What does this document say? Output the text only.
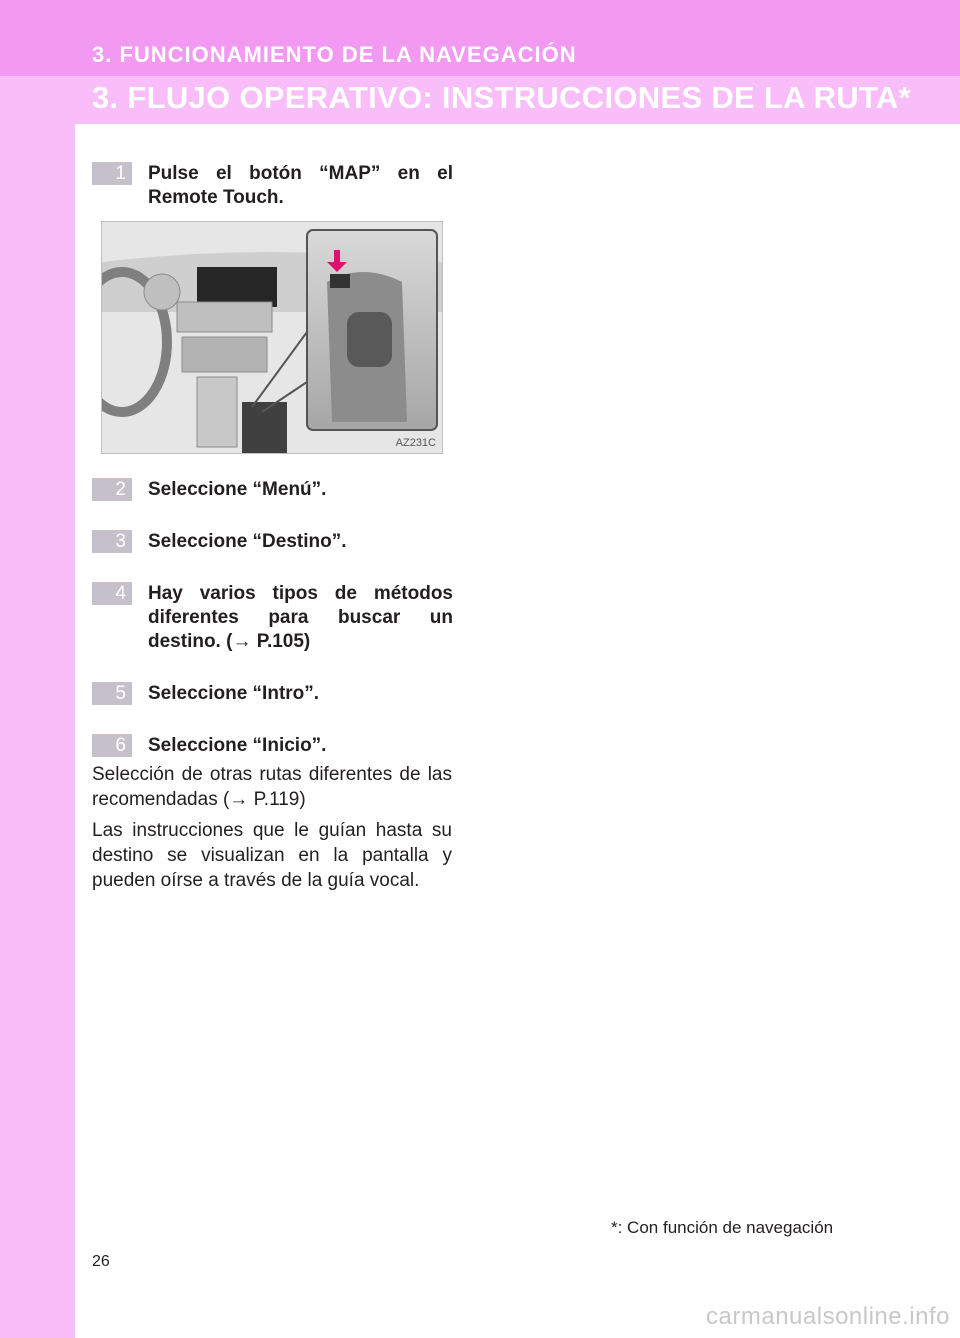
3. FUNCIONAMIENTO DE LA NAVEGACIÓN
3. FLUJO OPERATIVO: INSTRUCCIONES DE LA RUTA*
1	Pulse el botón “MAP” en el Remote Touch.
AZ231C
2	Seleccione “Menú”.
3	Seleccione “Destino”.
4	Hay varios tipos de métodos diferentes para buscar un destino. (→ P.105)
5	Seleccione “Intro”.
6	Seleccione “Inicio”.
Selección de otras rutas diferentes de las recomendadas (→ P.119)
Las instrucciones que le guían hasta su destino se visualizan en la pantalla y pueden oírse a través de la guía vocal.
*: Con función de navegación
26
carmanualsonline.info
